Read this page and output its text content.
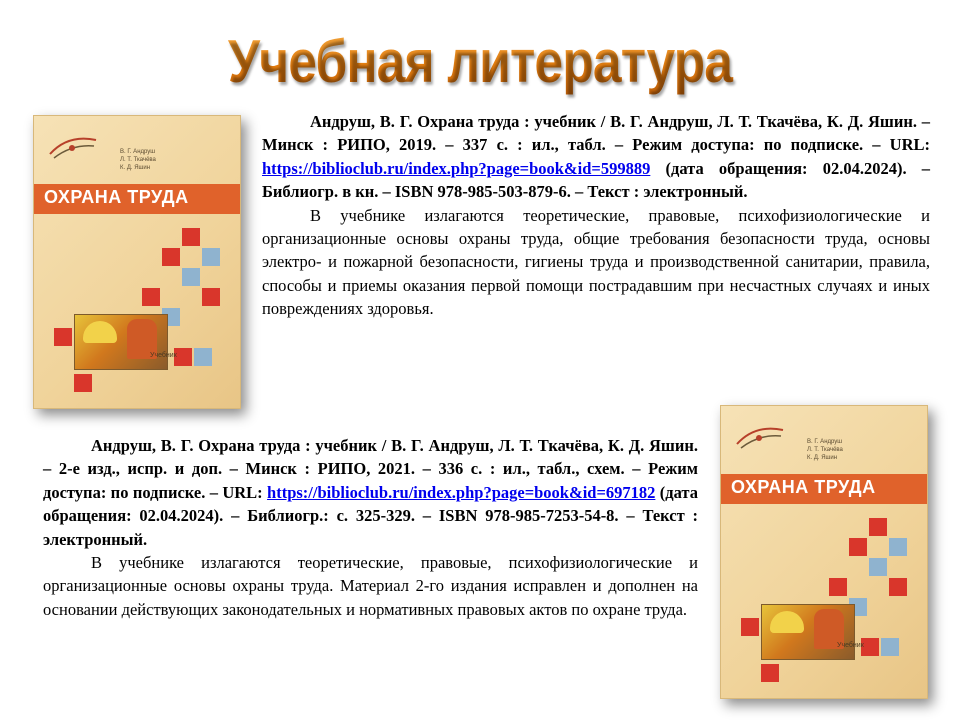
Учебная литература
В. Г. Андруш
Л. Т. Ткачёва
К. Д. Яшин
ОХРАНА ТРУДА
Учебник

Андруш, В. Г. Охрана труда : учебник / В. Г. Андруш, Л. Т. Ткачёва, К. Д. Яшин. – Минск : РИПО, 2019. – 337 с. : ил., табл. – Режим доступа: по подписке. – URL: https://biblioclub.ru/index.php?page=book&id=599889 (дата обращения: 02.04.2024). – Библиогр. в кн. – ISBN 978-985-503-879-6. – Текст : электронный.

В учебнике излагаются теоретические, правовые, психофизиологические и организационные основы охраны труда, общие требования безопасности труда, основы электро- и пожарной безопасности, гигиены труда и производственной санитарии, правила, способы и приемы оказания первой помощи пострадавшим при несчастных случаях и иных повреждениях здоровья.

Андруш, В. Г. Охрана труда : учебник / В. Г. Андруш, Л. Т. Ткачёва, К. Д. Яшин. – 2-е изд., испр. и доп. – Минск : РИПО, 2021. – 336 с. : ил., табл., схем. – Режим доступа: по подписке. – URL: https://biblioclub.ru/index.php?page=book&id=697182 (дата обращения: 02.04.2024). – Библиогр.: с. 325-329. – ISBN 978-985-7253-54-8. – Текст : электронный.

В учебнике излагаются теоретические, правовые, психофизиологические и организационные основы охраны труда. Материал 2-го издания исправлен и дополнен на основании действующих законодательных и нормативных правовых актов по охране труда.

В. Г. Андруш
Л. Т. Ткачёва
К. Д. Яшин
ОХРАНА ТРУДА
Учебник
